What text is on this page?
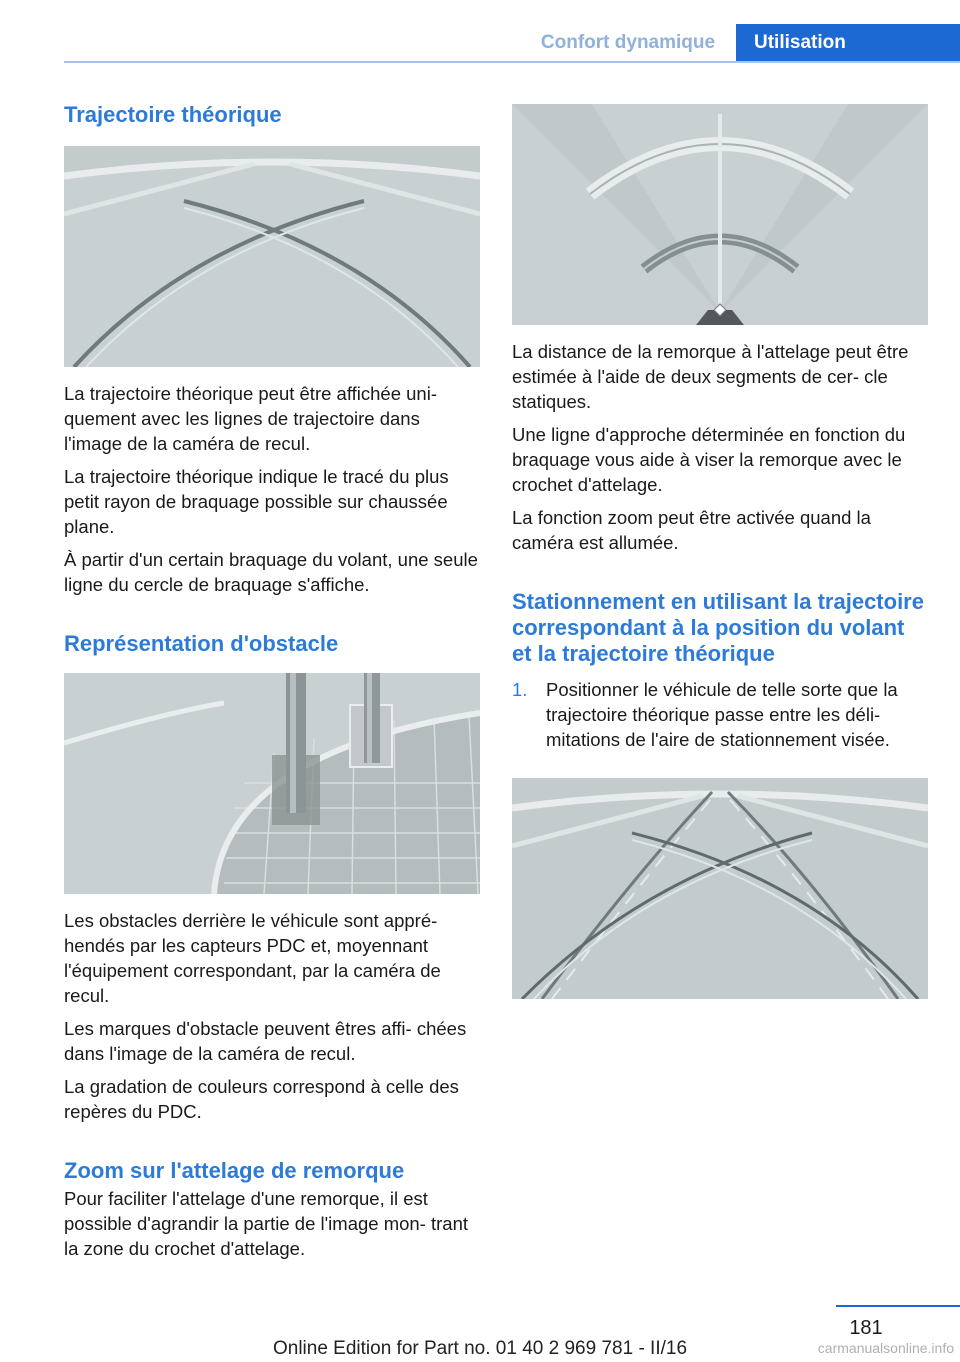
Confort dynamique	Utilisation
Trajectoire théorique

La trajectoire théorique peut être affichée uni‐ quement avec les lignes de trajectoire dans l'image de la caméra de recul.

La trajectoire théorique indique le tracé du plus petit rayon de braquage possible sur chaussée plane.

À partir d'un certain braquage du volant, une seule ligne du cercle de braquage s'affiche.

Représentation d'obstacle

Les obstacles derrière le véhicule sont appré‐ hendés par les capteurs PDC et, moyennant l'équipement correspondant, par la caméra de recul.

Les marques d'obstacle peuvent êtres affi‐ chées dans l'image de la caméra de recul.

La gradation de couleurs correspond à celle des repères du PDC.

Zoom sur l'attelage de remorque

Pour faciliter l'attelage d'une remorque, il est possible d'agrandir la partie de l'image mon‐ trant la zone du crochet d'attelage.

La distance de la remorque à l'attelage peut être estimée à l'aide de deux segments de cer‐ cle statiques.

Une ligne d'approche déterminée en fonction du braquage vous aide à viser la remorque avec le crochet d'attelage.

La fonction zoom peut être activée quand la caméra est allumée.

Stationnement en utilisant la trajectoire correspondant à la position du volant et la trajectoire théorique
1.	Positionner le véhicule de telle sorte que la trajectoire théorique passe entre les déli‐ mitations de l'aire de stationnement visée.
181
Online Edition for Part no. 01 40 2 969 781 - II/16	carmanualsonline.info
